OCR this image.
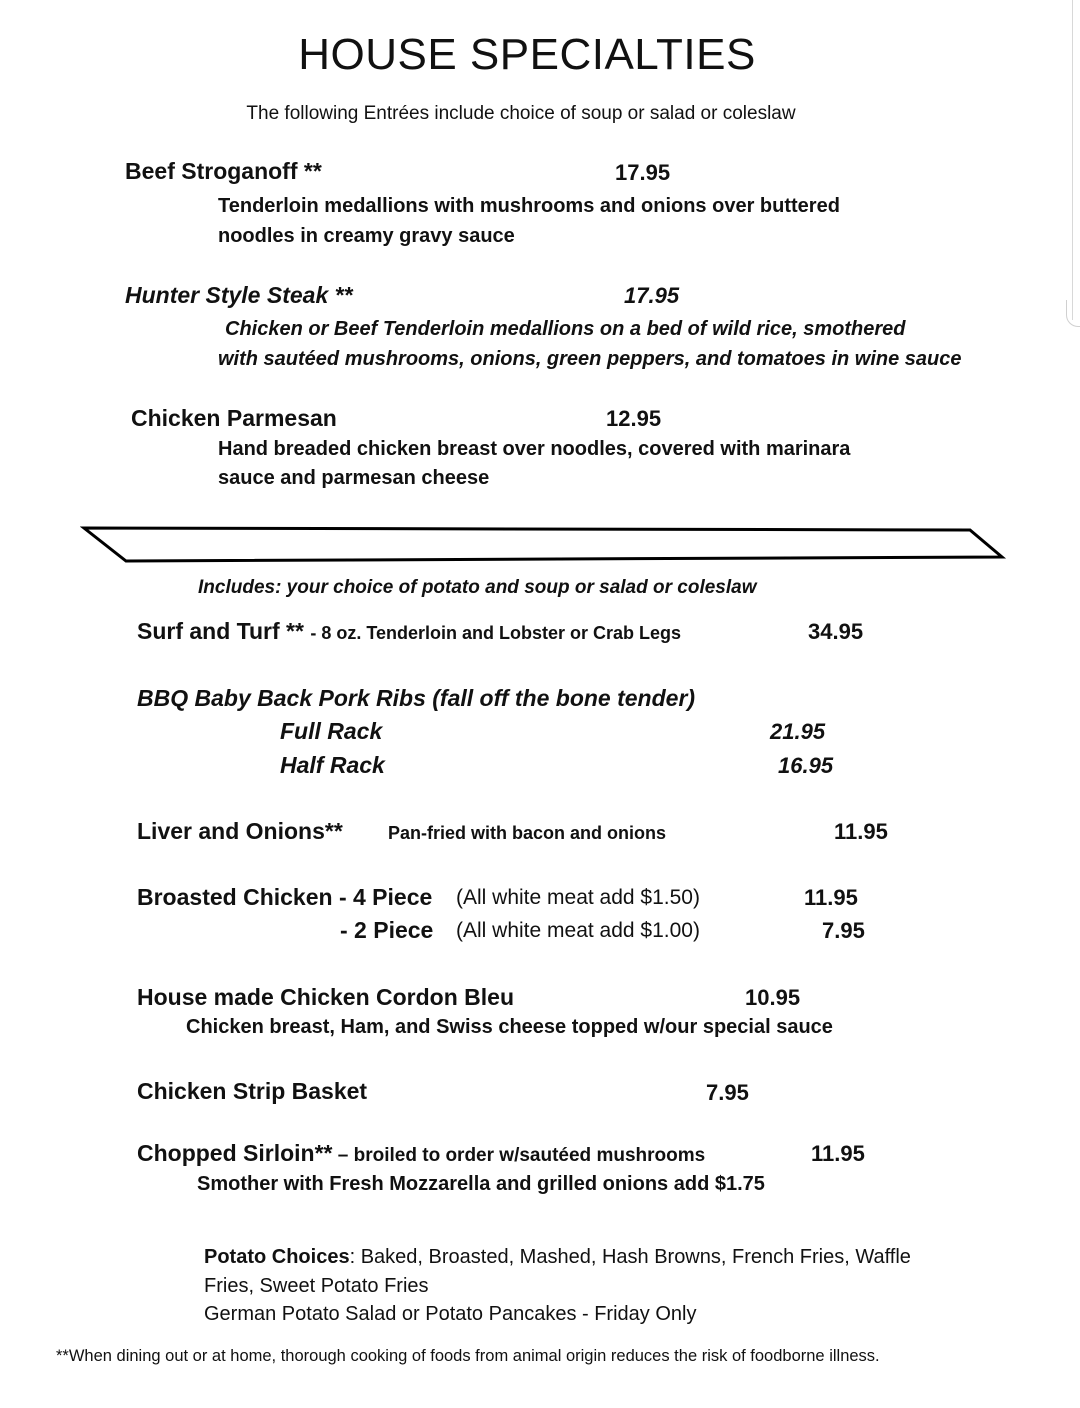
HOUSE SPECIALTIES
The following Entrées include choice of soup or salad or coleslaw
Beef Stroganoff **	17.95
Tenderloin medallions with mushrooms and onions over buttered
noodles in creamy gravy sauce
Hunter Style Steak **	17.95
Chicken or Beef Tenderloin medallions on a bed of wild rice, smothered
with sautéed mushrooms, onions, green peppers, and tomatoes in wine sauce
Chicken Parmesan	12.95
Hand breaded chicken breast over noodles, covered with marinara
sauce and parmesan cheese
Includes: your choice of potato and soup or salad or coleslaw
Surf and Turf ** - 8 oz. Tenderloin and Lobster or Crab Legs	34.95
BBQ Baby Back Pork Ribs (fall off the bone tender)
Full Rack	21.95
Half Rack	16.95
Liver and Onions**	Pan-fried with bacon and onions	11.95
Broasted Chicken - 4 Piece (All white meat add $1.50)	11.95
- 2 Piece (All white meat add $1.00)	7.95
House made Chicken Cordon Bleu	10.95
Chicken breast, Ham, and Swiss cheese topped w/our special sauce
Chicken Strip Basket	7.95
Chopped Sirloin** – broiled to order w/sautéed mushrooms	11.95
Smother with Fresh Mozzarella and grilled onions add $1.75
Potato Choices: Baked, Broasted, Mashed, Hash Browns, French Fries, Waffle
Fries, Sweet Potato Fries
German Potato Salad or Potato Pancakes - Friday Only
**When dining out or at home, thorough cooking of foods from animal origin reduces the risk of foodborne illness.
